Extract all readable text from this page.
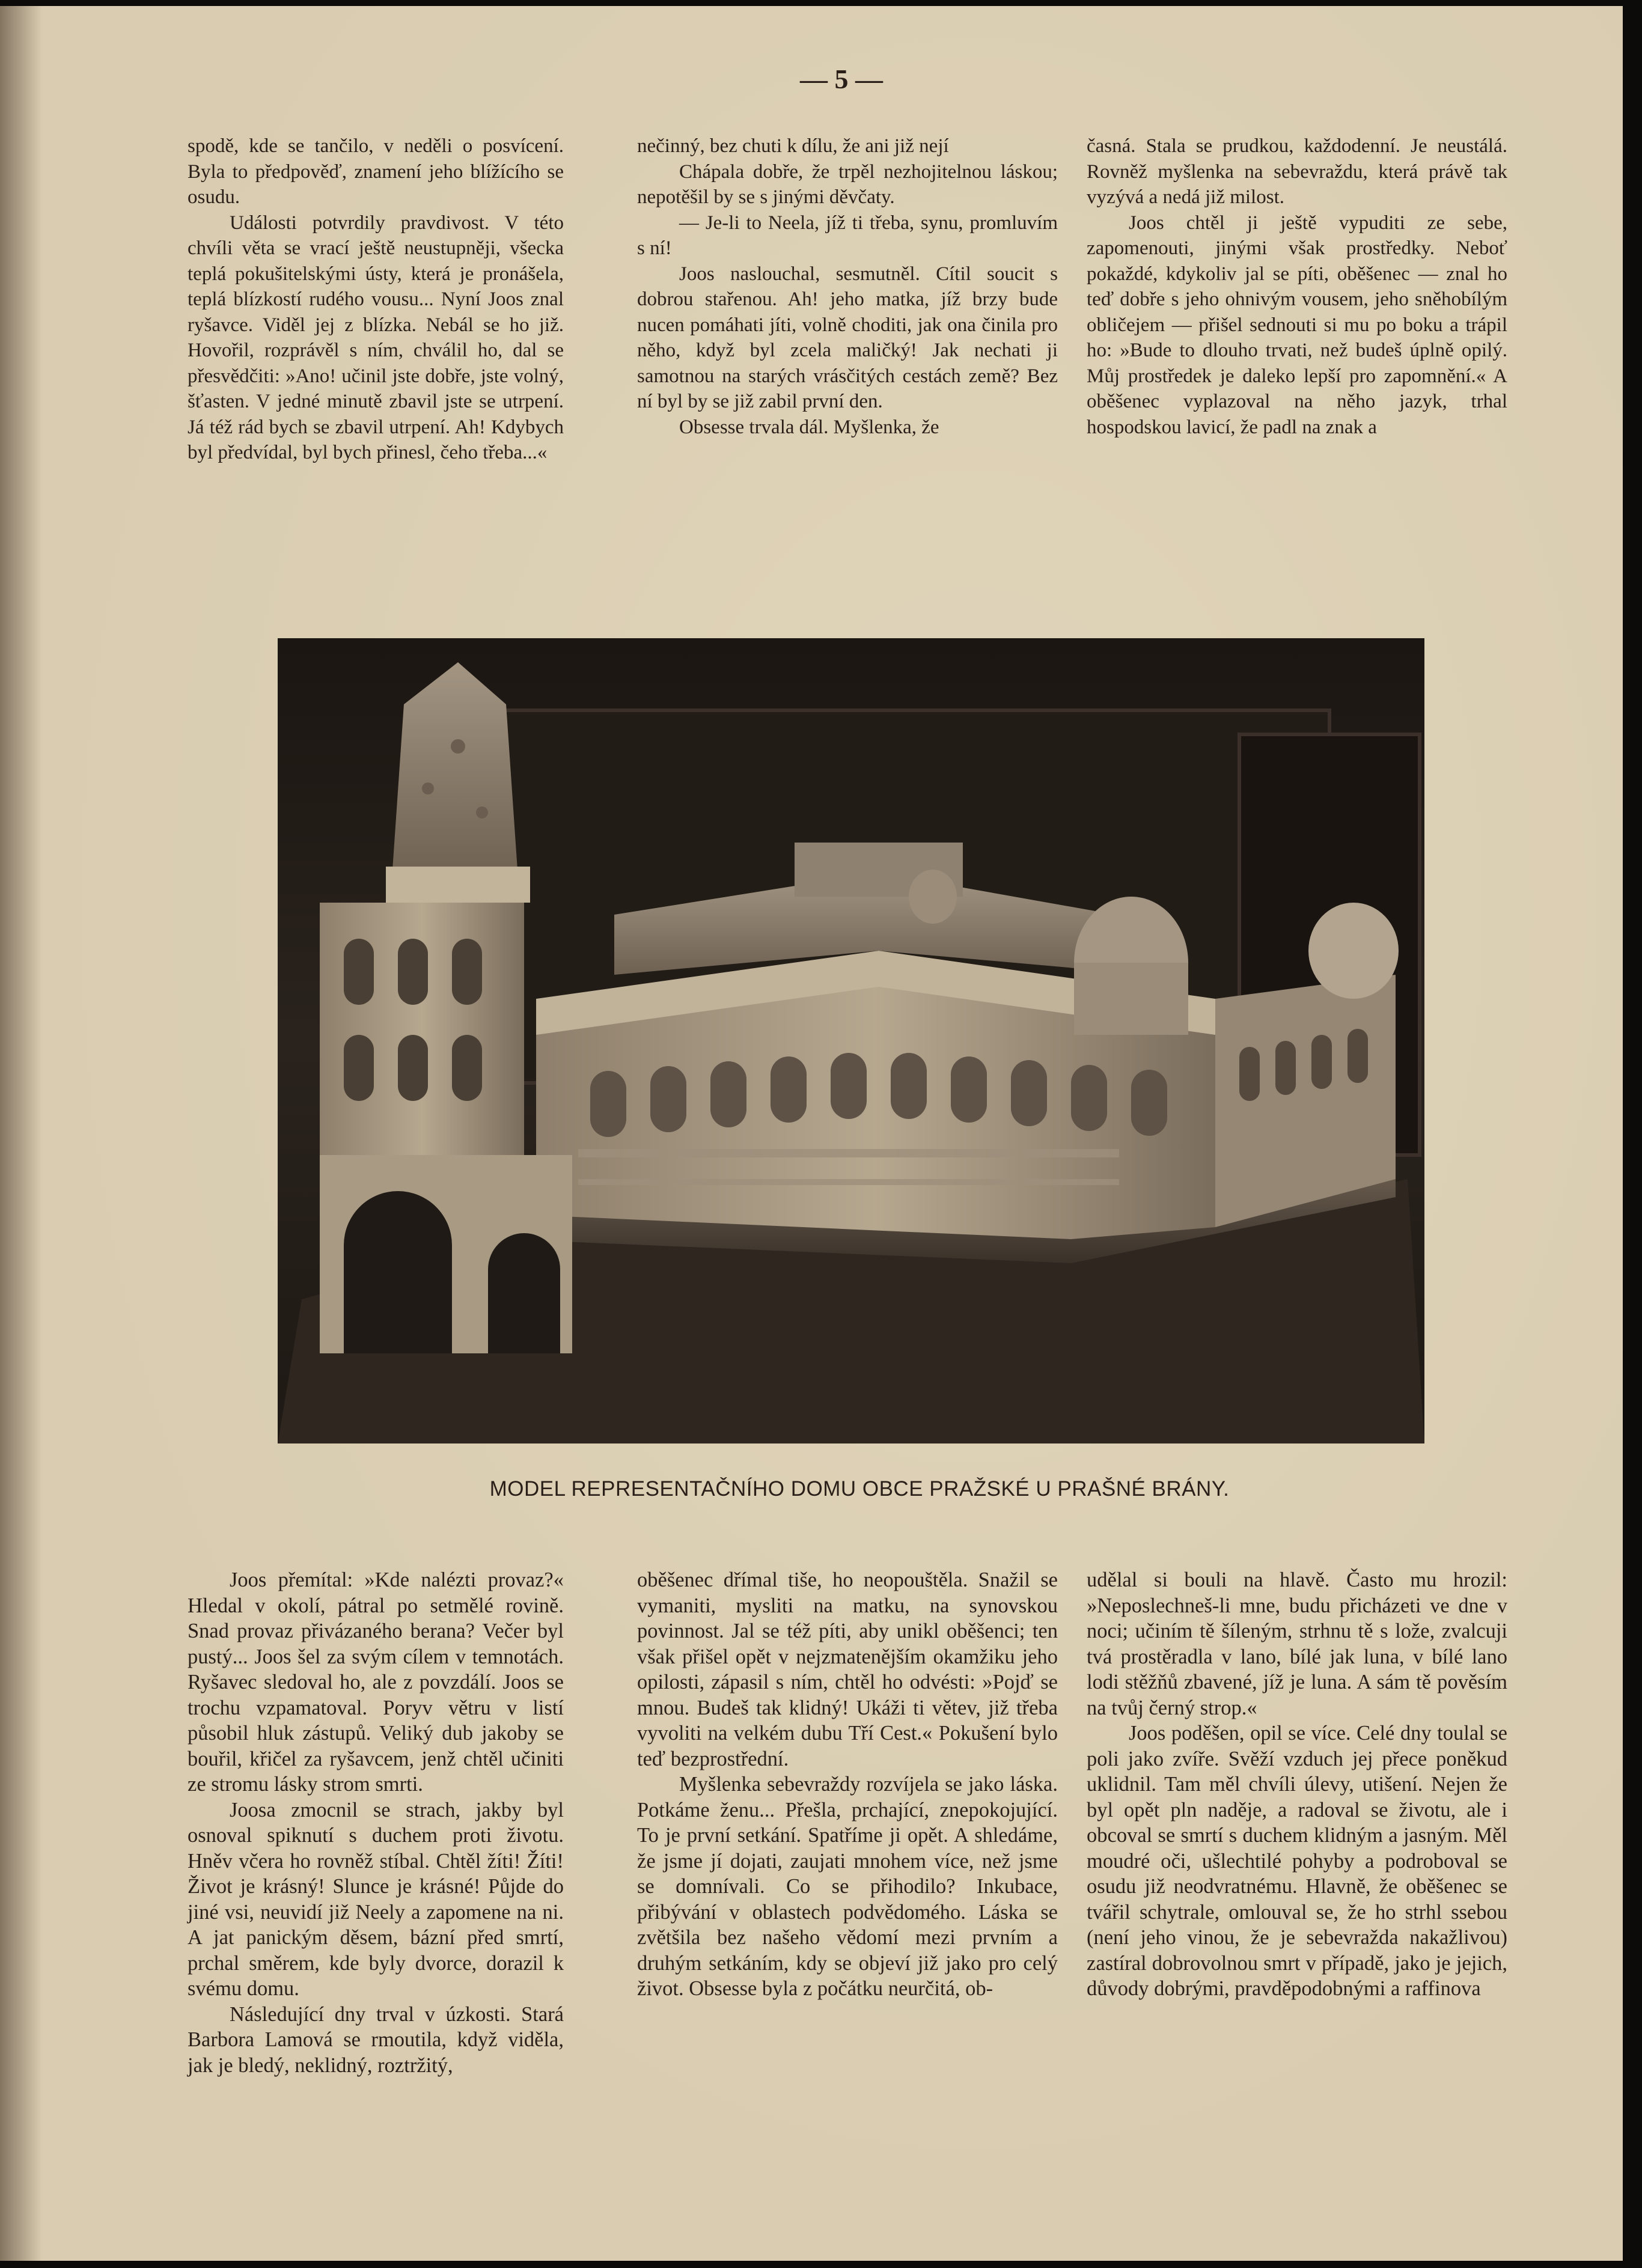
— 5 —

spodě, kde se tančilo, v neděli o posvícení. Byla to předpověď, znamení jeho blížícího se osudu.

Události potvrdily pravdivost. V této chvíli věta se vrací ještě neustupněji, všecka teplá pokušitelskými ústy, která je pronášela, teplá blízkostí rudého vousu... Nyní Joos znal ryšavce. Viděl jej z blízka. Nebál se ho již. Hovořil, rozprávěl s ním, chválil ho, dal se přesvědčiti: »Ano! učinil jste dobře, jste volný, šťasten. V jedné minutě zbavil jste se utrpení. Já též rád bych se zbavil utrpení. Ah! Kdybych byl předvídal, byl bych přinesl, čeho třeba...«

nečinný, bez chuti k dílu, že ani již nejí

Chápala dobře, že trpěl nezhojitelnou láskou; nepotěšil by se s jinými děvčaty.

— Je-li to Neela, jíž ti třeba, synu, promluvím s ní!

Joos naslouchal, sesmutněl. Cítil soucit s dobrou stařenou. Ah! jeho matka, jíž brzy bude nucen pomáhati jíti, volně choditi, jak ona činila pro něho, když byl zcela maličký! Jak nechati ji samotnou na starých vrásčitých cestách země? Bez ní byl by se již zabil první den.

Obsesse trvala dál. Myšlenka, že

časná. Stala se prudkou, každodenní. Je neustálá. Rovněž myšlenka na sebevraždu, která právě tak vyzývá a nedá již milost.

Joos chtěl ji ještě vypuditi ze sebe, zapomenouti, jinými však prostředky. Neboť pokaždé, kdykoliv jal se píti, oběšenec — znal ho teď dobře s jeho ohnivým vousem, jeho sněhobílým obličejem — přišel sednouti si mu po boku a trápil ho: »Bude to dlouho trvati, než budeš úplně opilý. Můj prostředek je daleko lepší pro zapomnění.« A oběšenec vyplazoval na něho jazyk, trhal hospodskou lavicí, že padl na znak a

MODEL REPRESENTAČNÍHO DOMU OBCE PRAŽSKÉ U PRAŠNÉ BRÁNY.

Joos přemítal: »Kde nalézti provaz?« Hledal v okolí, pátral po setmělé rovině. Snad provaz přivázaného berana? Večer byl pustý... Joos šel za svým cílem v temnotách. Ryšavec sledoval ho, ale z povzdálí. Joos se trochu vzpamatoval. Poryv větru v listí působil hluk zástupů. Veliký dub jakoby se bouřil, křičel za ryšavcem, jenž chtěl učiniti ze stromu lásky strom smrti.

Joosa zmocnil se strach, jakby byl osnoval spiknutí s duchem proti životu. Hněv včera ho rovněž stíbal. Chtěl žíti! Žíti! Život je krásný! Slunce je krásné! Půjde do jiné vsi, neuvidí již Neely a zapomene na ni. A jat panickým děsem, bázní před smrtí, prchal směrem, kde byly dvorce, dorazil k svému domu.

Následující dny trval v úzkosti. Stará Barbora Lamová se rmoutila, když viděla, jak je bledý, neklidný, roztržitý,

oběšenec dřímal tiše, ho neopouštěla. Snažil se vymaniti, mysliti na matku, na synovskou povinnost. Jal se též píti, aby unikl oběšenci; ten však přišel opět v nejzmatenějším okamžiku jeho opilosti, zápasil s ním, chtěl ho odvésti: »Pojď se mnou. Budeš tak klidný! Ukáži ti větev, již třeba vyvoliti na velkém dubu Tří Cest.« Pokušení bylo teď bezprostřední.

Myšlenka sebevraždy rozvíjela se jako láska. Potkáme ženu... Přešla, prchající, znepokojující. To je první setkání. Spatříme ji opět. A shledáme, že jsme jí dojati, zaujati mnohem více, než jsme se domnívali. Co se přihodilo? Inkubace, přibývání v oblastech podvědomého. Láska se zvětšila bez našeho vědomí mezi prvním a druhým setkáním, kdy se objeví již jako pro celý život. Obsesse byla z počátku neurčitá, ob-

udělal si bouli na hlavě. Často mu hrozil: »Neposlechneš-li mne, budu přicházeti ve dne v noci; učiním tě šíleným, strhnu tě s lože, zvalcuji tvá prostěradla v lano, bílé jak luna, v bílé lano lodi stěžňů zbavené, jíž je luna. A sám tě pověsím na tvůj černý strop.«

Joos poděšen, opil se více. Celé dny toulal se poli jako zvíře. Svěží vzduch jej přece poněkud uklidnil. Tam měl chvíli úlevy, utišení. Nejen že byl opět pln naděje, a radoval se životu, ale i obcoval se smrtí s duchem klidným a jasným. Měl moudré oči, ušlechtilé pohyby a podroboval se osudu již neodvratnému. Hlavně, že oběšenec se tvářil schytrale, omlouval se, že ho strhl ssebou (není jeho vinou, že je sebevražda nakažlivou) zastíral dobrovolnou smrt v případě, jako je jejich, důvody dobrými, pravděpodobnými a raffinova
